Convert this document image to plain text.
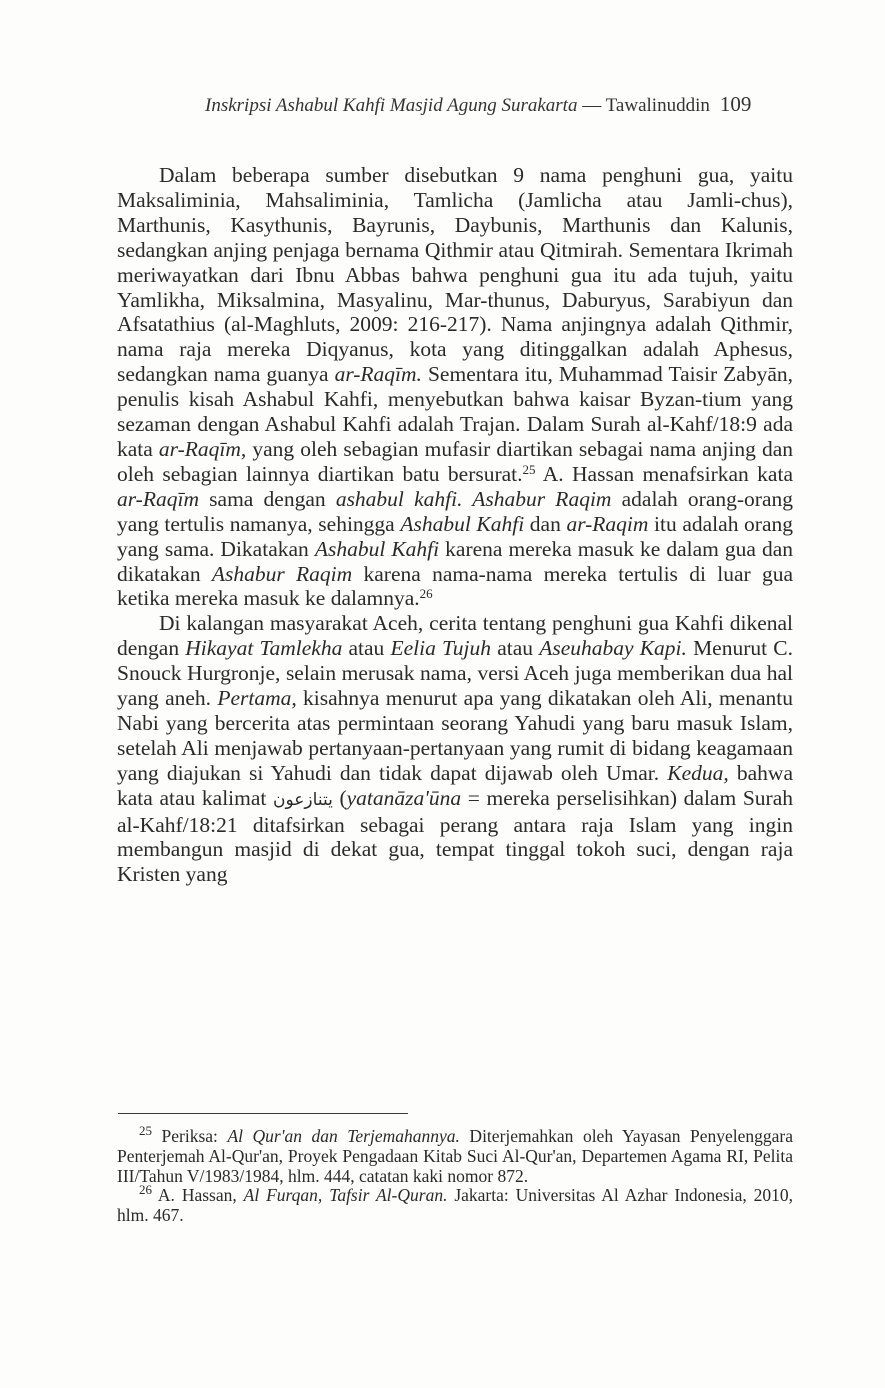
Inskripsi Ashabul Kahfi Masjid Agung Surakarta — Tawalinuddin 109

Dalam beberapa sumber disebutkan 9 nama penghuni gua, yaitu Maksaliminia, Mahsaliminia, Tamlicha (Jamlicha atau Jamli-chus), Marthunis, Kasythunis, Bayrunis, Daybunis, Marthunis dan Kalunis, sedangkan anjing penjaga bernama Qithmir atau Qitmirah. Sementara Ikrimah meriwayatkan dari Ibnu Abbas bahwa penghuni gua itu ada tujuh, yaitu Yamlikha, Miksalmina, Masyalinu, Mar-thunus, Daburyus, Sarabiyun dan Afsatathius (al-Maghluts, 2009: 216-217). Nama anjingnya adalah Qithmir, nama raja mereka Diqyanus, kota yang ditinggalkan adalah Aphesus, sedangkan nama guanya ar-Raqīm. Sementara itu, Muhammad Taisir Zabyān, penulis kisah Ashabul Kahfi, menyebutkan bahwa kaisar Byzan-tium yang sezaman dengan Ashabul Kahfi adalah Trajan. Dalam Surah al-Kahf/18:9 ada kata ar-Raqīm, yang oleh sebagian mufasir diartikan sebagai nama anjing dan oleh sebagian lainnya diartikan batu bersurat.$^{25}$ A. Hassan menafsirkan kata ar-Raqīm sama dengan ashabul kahfi. Ashabur Raqim adalah orang-orang yang tertulis namanya, sehingga Ashabul Kahfi dan ar-Raqim itu adalah orang yang sama. Dikatakan Ashabul Kahfi karena mereka masuk ke dalam gua dan dikatakan Ashabur Raqim karena nama-nama mereka tertulis di luar gua ketika mereka masuk ke dalamnya.$^{26}$

Di kalangan masyarakat Aceh, cerita tentang penghuni gua Kahfi dikenal dengan Hikayat Tamlekha atau Eelia Tujuh atau Aseuhabay Kapi. Menurut C. Snouck Hurgronje, selain merusak nama, versi Aceh juga memberikan dua hal yang aneh. Pertama, kisahnya menurut apa yang dikatakan oleh Ali, menantu Nabi yang bercerita atas permintaan seorang Yahudi yang baru masuk Islam, setelah Ali menjawab pertanyaan-pertanyaan yang rumit di bidang keagamaan yang diajukan si Yahudi dan tidak dapat dijawab oleh Umar. Kedua, bahwa kata atau kalimat يتنازعون (yatanāza'ūna = mereka perselisihkan) dalam Surah al-Kahf/18:21 ditafsirkan sebagai perang antara raja Islam yang ingin membangun masjid di dekat gua, tempat tinggal tokoh suci, dengan raja Kristen yang

$^{25}$ Periksa: Al Qur'an dan Terjemahannya. Diterjemahkan oleh Yayasan Penyelenggara Penterjemah Al-Qur'an, Proyek Pengadaan Kitab Suci Al-Qur'an, Departemen Agama RI, Pelita III/Tahun V/1983/1984, hlm. 444, catatan kaki nomor 872.

$^{26}$ A. Hassan, Al Furqan, Tafsir Al-Quran. Jakarta: Universitas Al Azhar Indonesia, 2010, hlm. 467.
